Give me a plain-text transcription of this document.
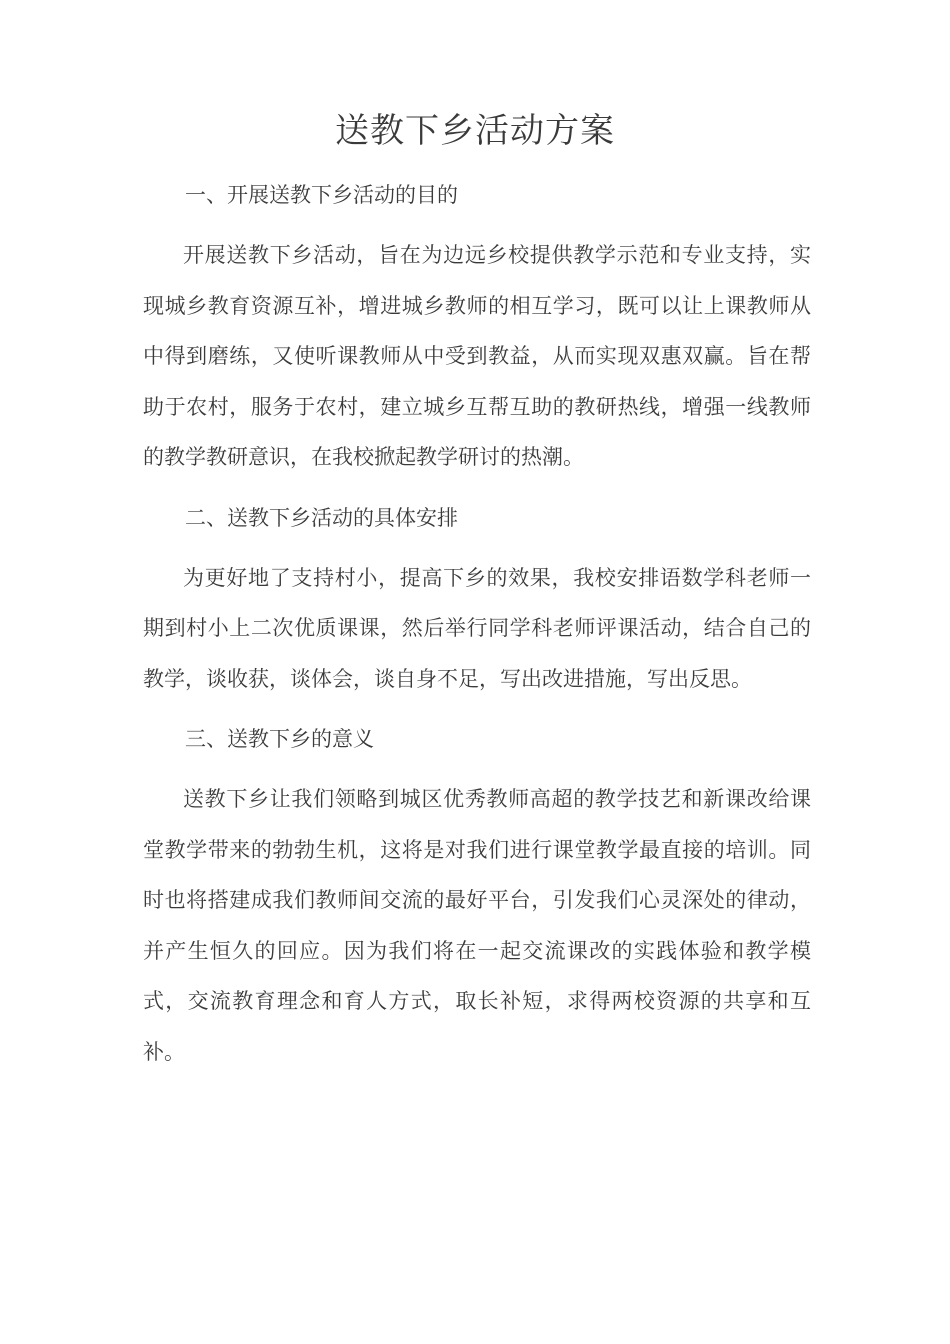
送教下乡活动方案
一、开展送教下乡活动的目的

开展送教下乡活动，旨在为边远乡校提供教学示范和专业支持，实现城乡教育资源互补，增进城乡教师的相互学习，既可以让上课教师从中得到磨练，又使听课教师从中受到教益，从而实现双惠双赢。旨在帮助于农村，服务于农村，建立城乡互帮互助的教研热线，增强一线教师的教学教研意识，在我校掀起教学研讨的热潮。

二、送教下乡活动的具体安排

为更好地了支持村小，提高下乡的效果，我校安排语数学科老师一期到村小上二次优质课课，然后举行同学科老师评课活动，结合自己的教学，谈收获，谈体会，谈自身不足，写出改进措施，写出反思。

三、送教下乡的意义

送教下乡让我们领略到城区优秀教师高超的教学技艺和新课改给课堂教学带来的勃勃生机，这将是对我们进行课堂教学最直接的培训。同时也将搭建成我们教师间交流的最好平台，引发我们心灵深处的律动，并产生恒久的回应。因为我们将在一起交流课改的实践体验和教学模式，交流教育理念和育人方式，取长补短，求得两校资源的共享和互补。
